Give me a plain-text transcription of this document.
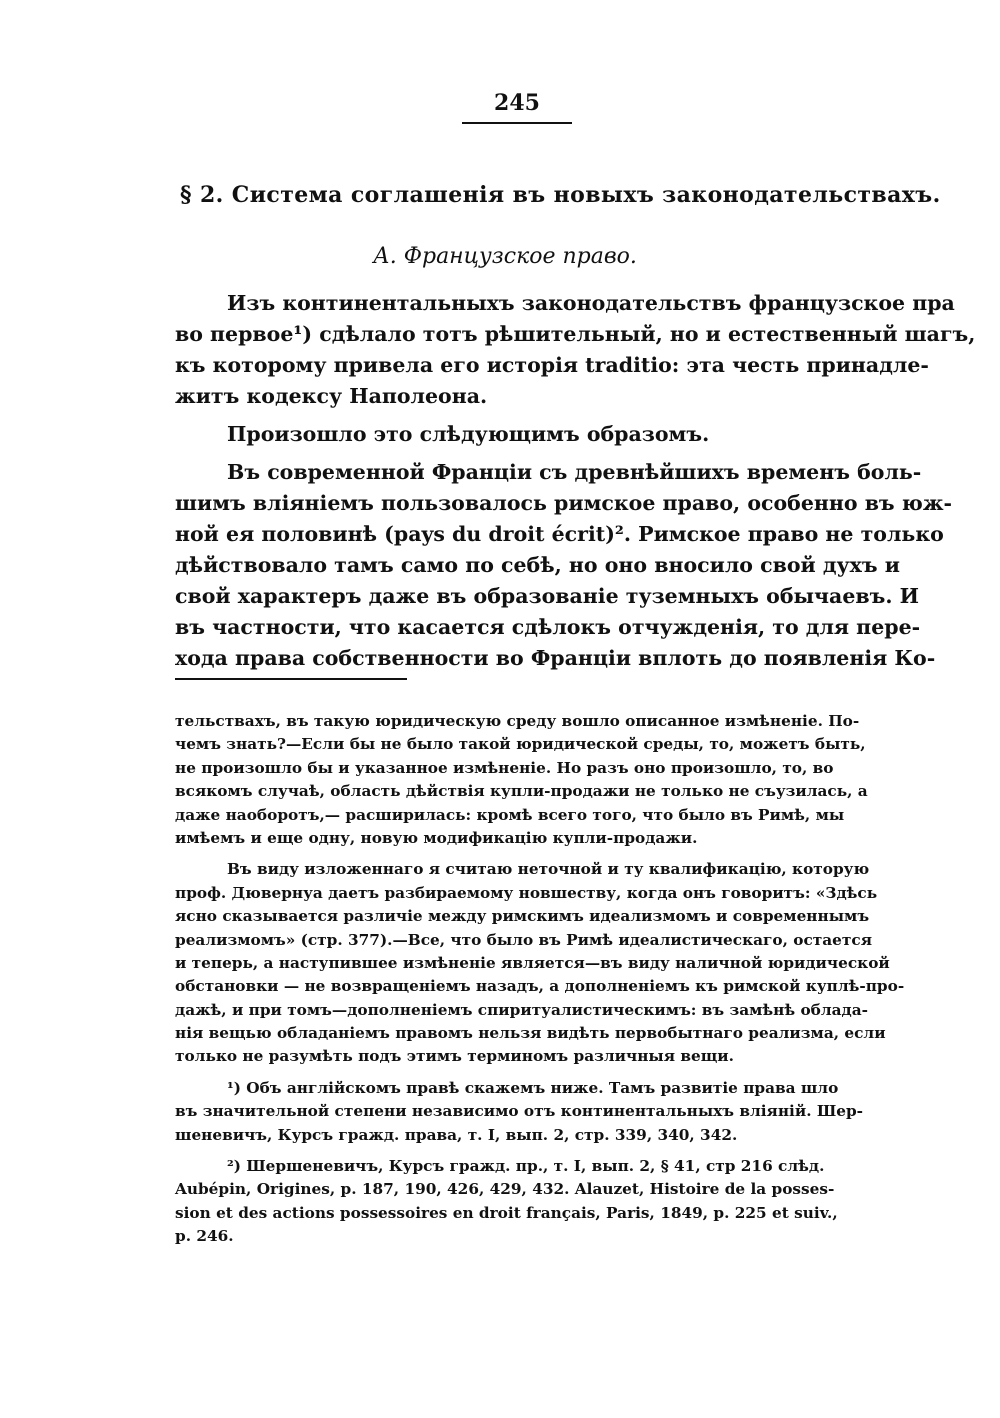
245
§ 2. Система соглашенія въ новыхъ законодательствахъ.
А. Французское право.
Изъ континентальныхъ законодательствъ французское пра
во первое¹) сдѣлало тотъ рѣшительный, но и естественный шагъ,
къ которому привела его исторія traditio: эта честь принадле-
житъ кодексу Наполеона.
Произошло это слѣдующимъ образомъ.
Въ современной Франціи съ древнѣйшихъ временъ боль-
шимъ вліяніемъ пользовалось римское право, особенно въ юж-
ной ея половинѣ (pays du droit écrit)². Римское право не только
дѣйствовало тамъ само по себѣ, но оно вносило свой духъ и
свой характеръ даже въ образованіе туземныхъ обычаевъ. И
въ частности, что касается сдѣлокъ отчужденія, то для пере-
хода права собственности во Франціи вплоть до появленія Ко-
тельствахъ, въ такую юридическую среду вошло описанное измѣненіе. По-
чемъ знать?—Если бы не было такой юридической среды, то, можетъ быть,
не произошло бы и указанное измѣненіе. Но разъ оно произошло, то, во
всякомъ случаѣ, область дѣйствія купли-продажи не только не съузилась, а
даже наоборотъ,— расширилась: кромѣ всего того, что было въ Римѣ, мы
имѣемъ и еще одну, новую модификацію купли-продажи.
Въ виду изложеннаго я считаю неточной и ту квалификацію, которую
проф. Дювернуа даетъ разбираемому новшеству, когда онъ говоритъ: «Здѣсь
ясно сказывается различіе между римскимъ идеализмомъ и современнымъ
реализмомъ» (стр. 377).—Все, что было въ Римѣ идеалистическаго, остается
и теперь, а наступившее измѣненіе является—въ виду наличной юридической
обстановки — не возвращеніемъ назадъ, а дополненіемъ къ римской куплѣ-про-
дажѣ, и при томъ—дополненіемъ спиритуалистическимъ: въ замѣнѣ облада-
нія вещью обладаніемъ правомъ нельзя видѣть первобытнаго реализма, если
только не разумѣть подъ этимъ терминомъ различныя вещи.
¹) Объ англійскомъ правѣ скажемъ ниже. Тамъ развитіе права шло
въ значительной степени независимо отъ континентальныхъ вліяній. Шер-
шеневичъ, Курсъ гражд. права, т. I, вып. 2, стр. 339, 340, 342.
²) Шершеневичъ, Курсъ гражд. пр., т. I, вып. 2, § 41, стр 216 слѣд.
Aubépin, Origines, p. 187, 190, 426, 429, 432. Alauzet, Histoire de la posses-
sion et des actions possessoires en droit français, Paris, 1849, p. 225 et suiv.,
p. 246.
